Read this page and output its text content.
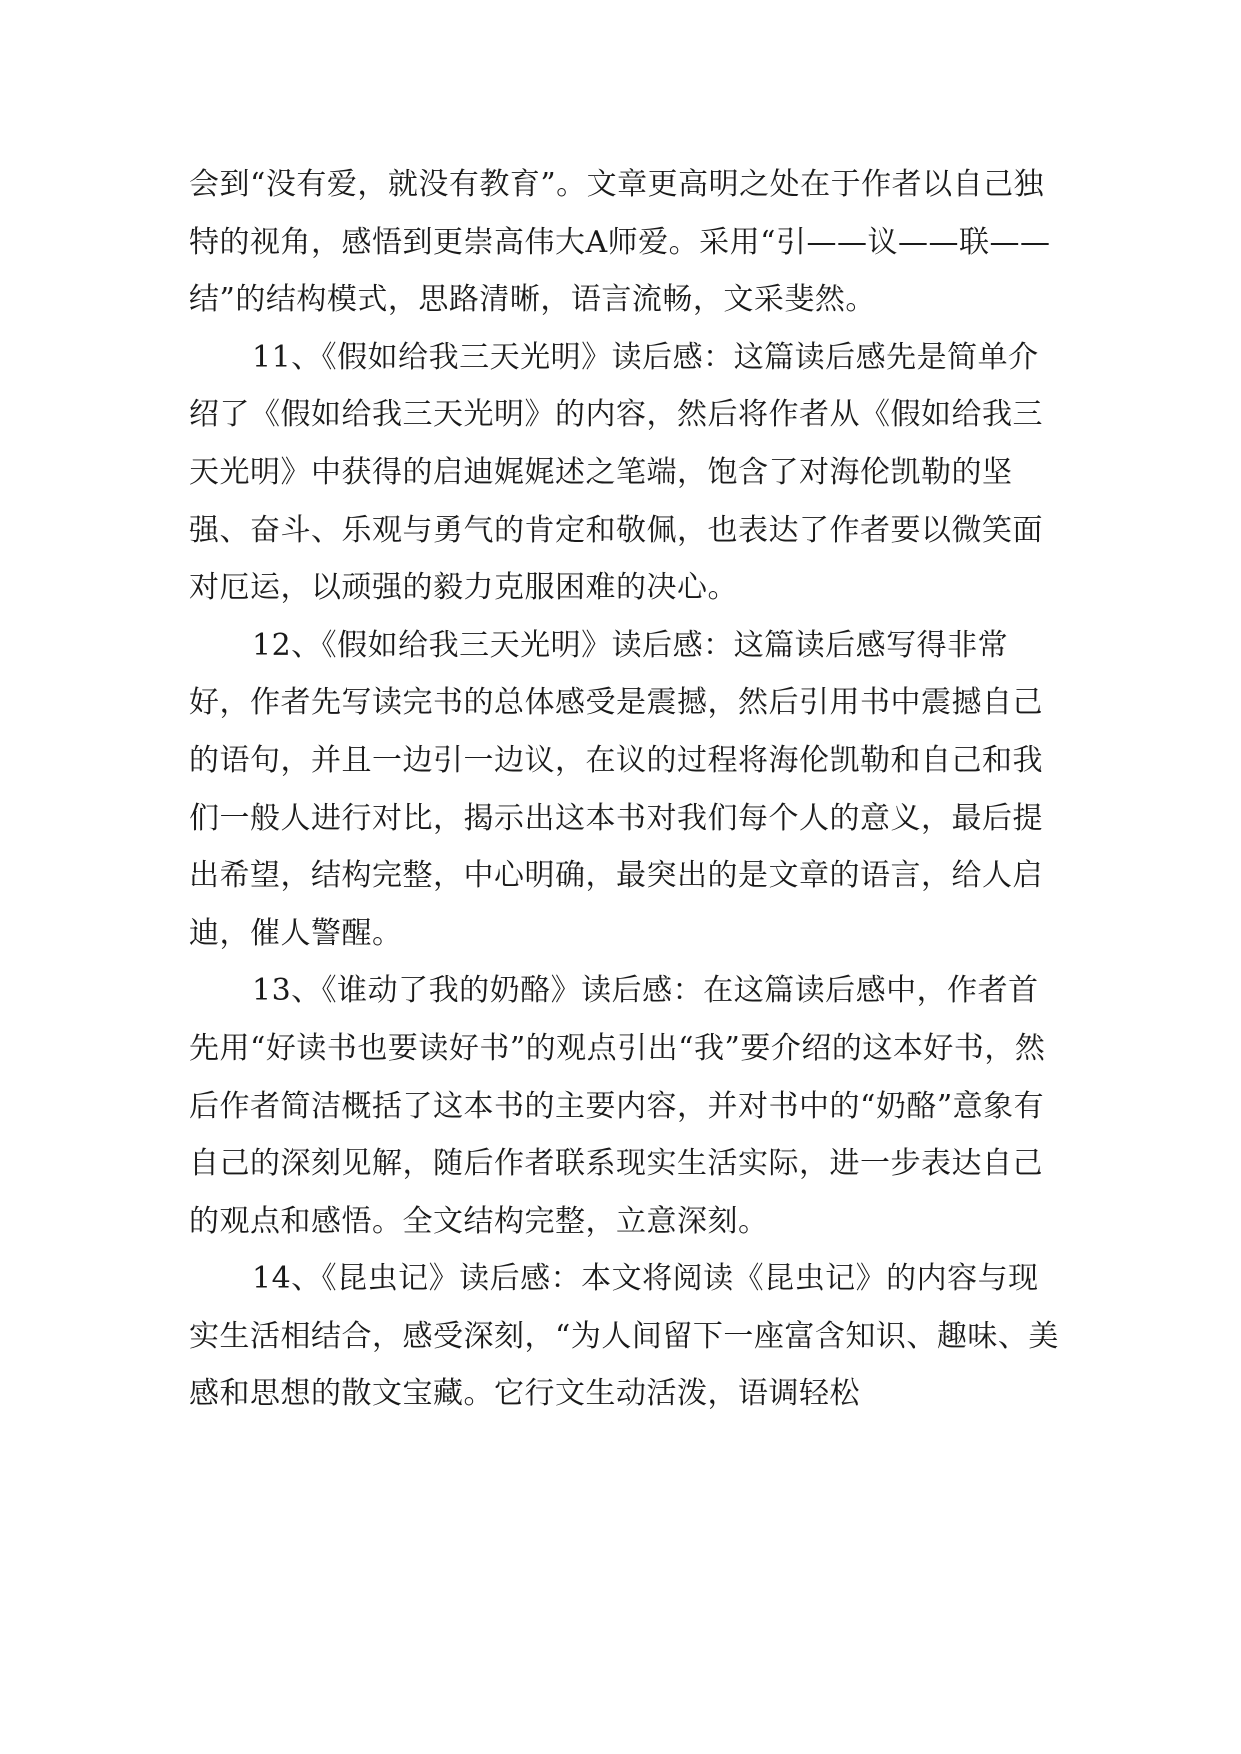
会到“没有爱，就没有教育”。文章更高明之处在于作者以自己独特的视角，感悟到更崇高伟大A师爱。采用“引——议——联——结”的结构模式，思路清晰，语言流畅，文采斐然。

11、《假如给我三天光明》读后感：这篇读后感先是简单介绍了《假如给我三天光明》的内容，然后将作者从《假如给我三天光明》中获得的启迪娓娓述之笔端，饱含了对海伦凯勒的坚强、奋斗、乐观与勇气的肯定和敬佩，也表达了作者要以微笑面对厄运，以顽强的毅力克服困难的决心。

12、《假如给我三天光明》读后感：这篇读后感写得非常好，作者先写读完书的总体感受是震撼，然后引用书中震撼自己的语句，并且一边引一边议，在议的过程将海伦凯勒和自己和我们一般人进行对比，揭示出这本书对我们每个人的意义，最后提出希望，结构完整，中心明确，最突出的是文章的语言，给人启迪，催人警醒。

13、《谁动了我的奶酪》读后感：在这篇读后感中，作者首先用“好读书也要读好书”的观点引出“我”要介绍的这本好书，然后作者简洁概括了这本书的主要内容，并对书中的“奶酪”意象有自己的深刻见解，随后作者联系现实生活实际，进一步表达自己的观点和感悟。全文结构完整，立意深刻。

14、《昆虫记》读后感：本文将阅读《昆虫记》的内容与现实生活相结合，感受深刻，“为人间留下一座富含知识、趣味、美感和思想的散文宝藏。它行文生动活泼，语调轻松
